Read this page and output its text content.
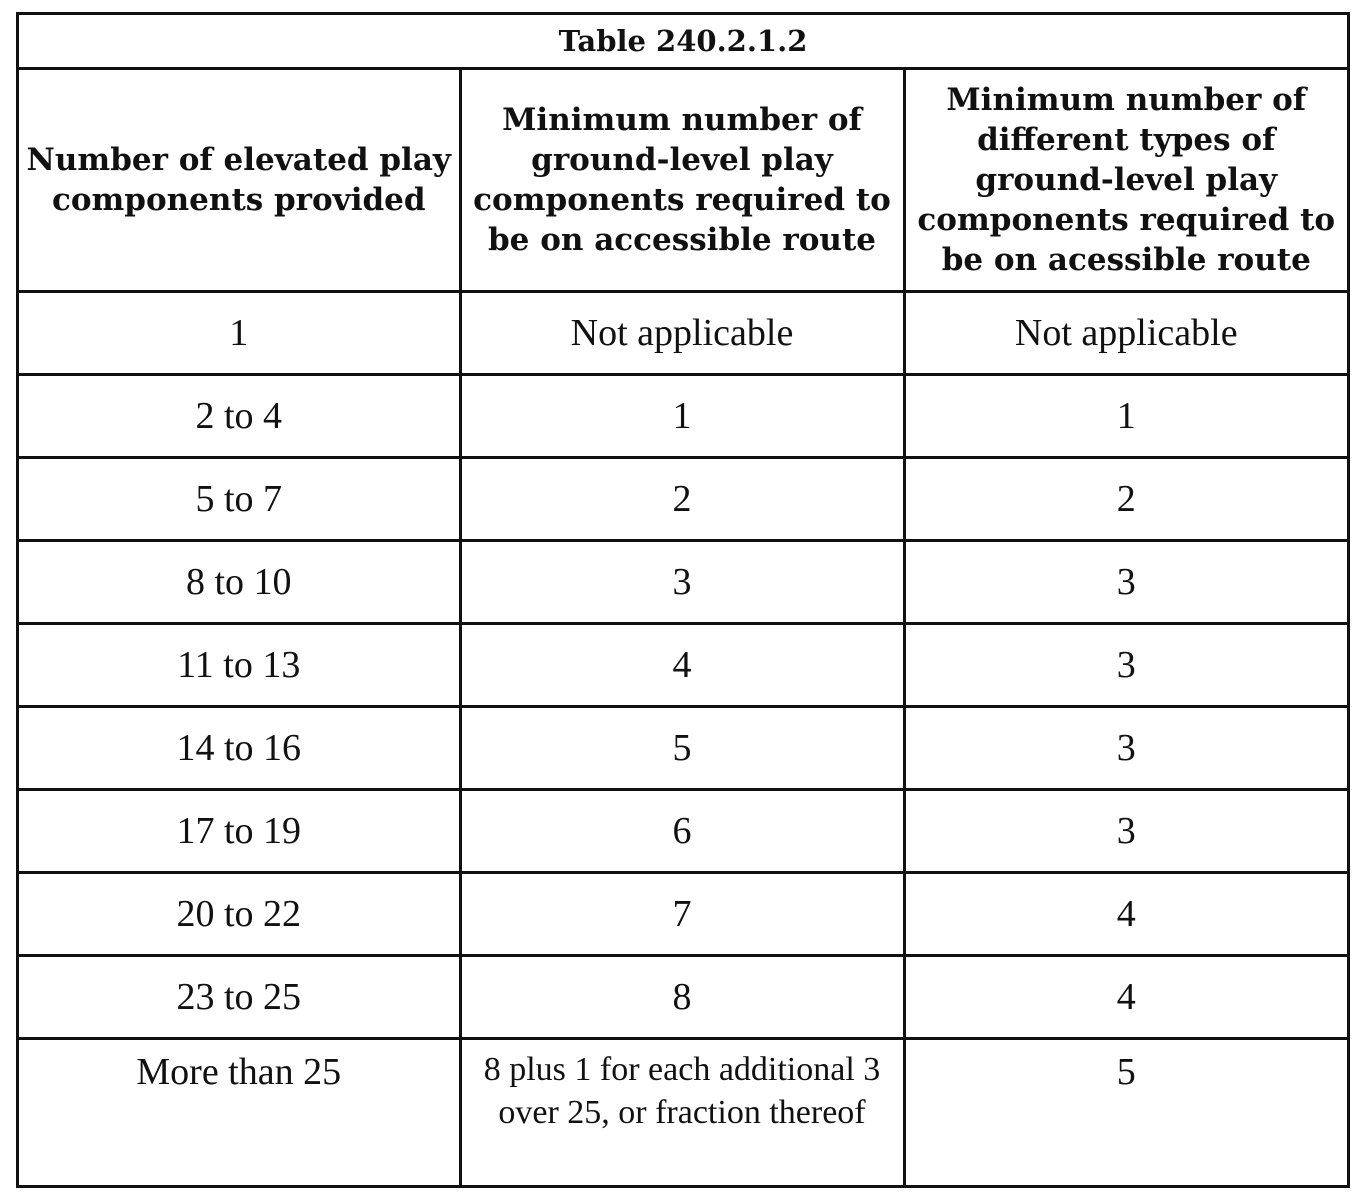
Table 240.2.1.2		
Number of elevated play components provided	Minimum number of ground-level play components required to be on accessible route	Minimum number of different types of ground-level play components required to be on acessible route
1	Not applicable	Not applicable
2 to 4	1	1
5 to 7	2	2
8 to 10	3	3
11 to 13	4	3
14 to 16	5	3
17 to 19	6	3
20 to 22	7	4
23 to 25	8	4
More than 25	8 plus 1 for each additional 3 over 25, or fraction thereof	5
